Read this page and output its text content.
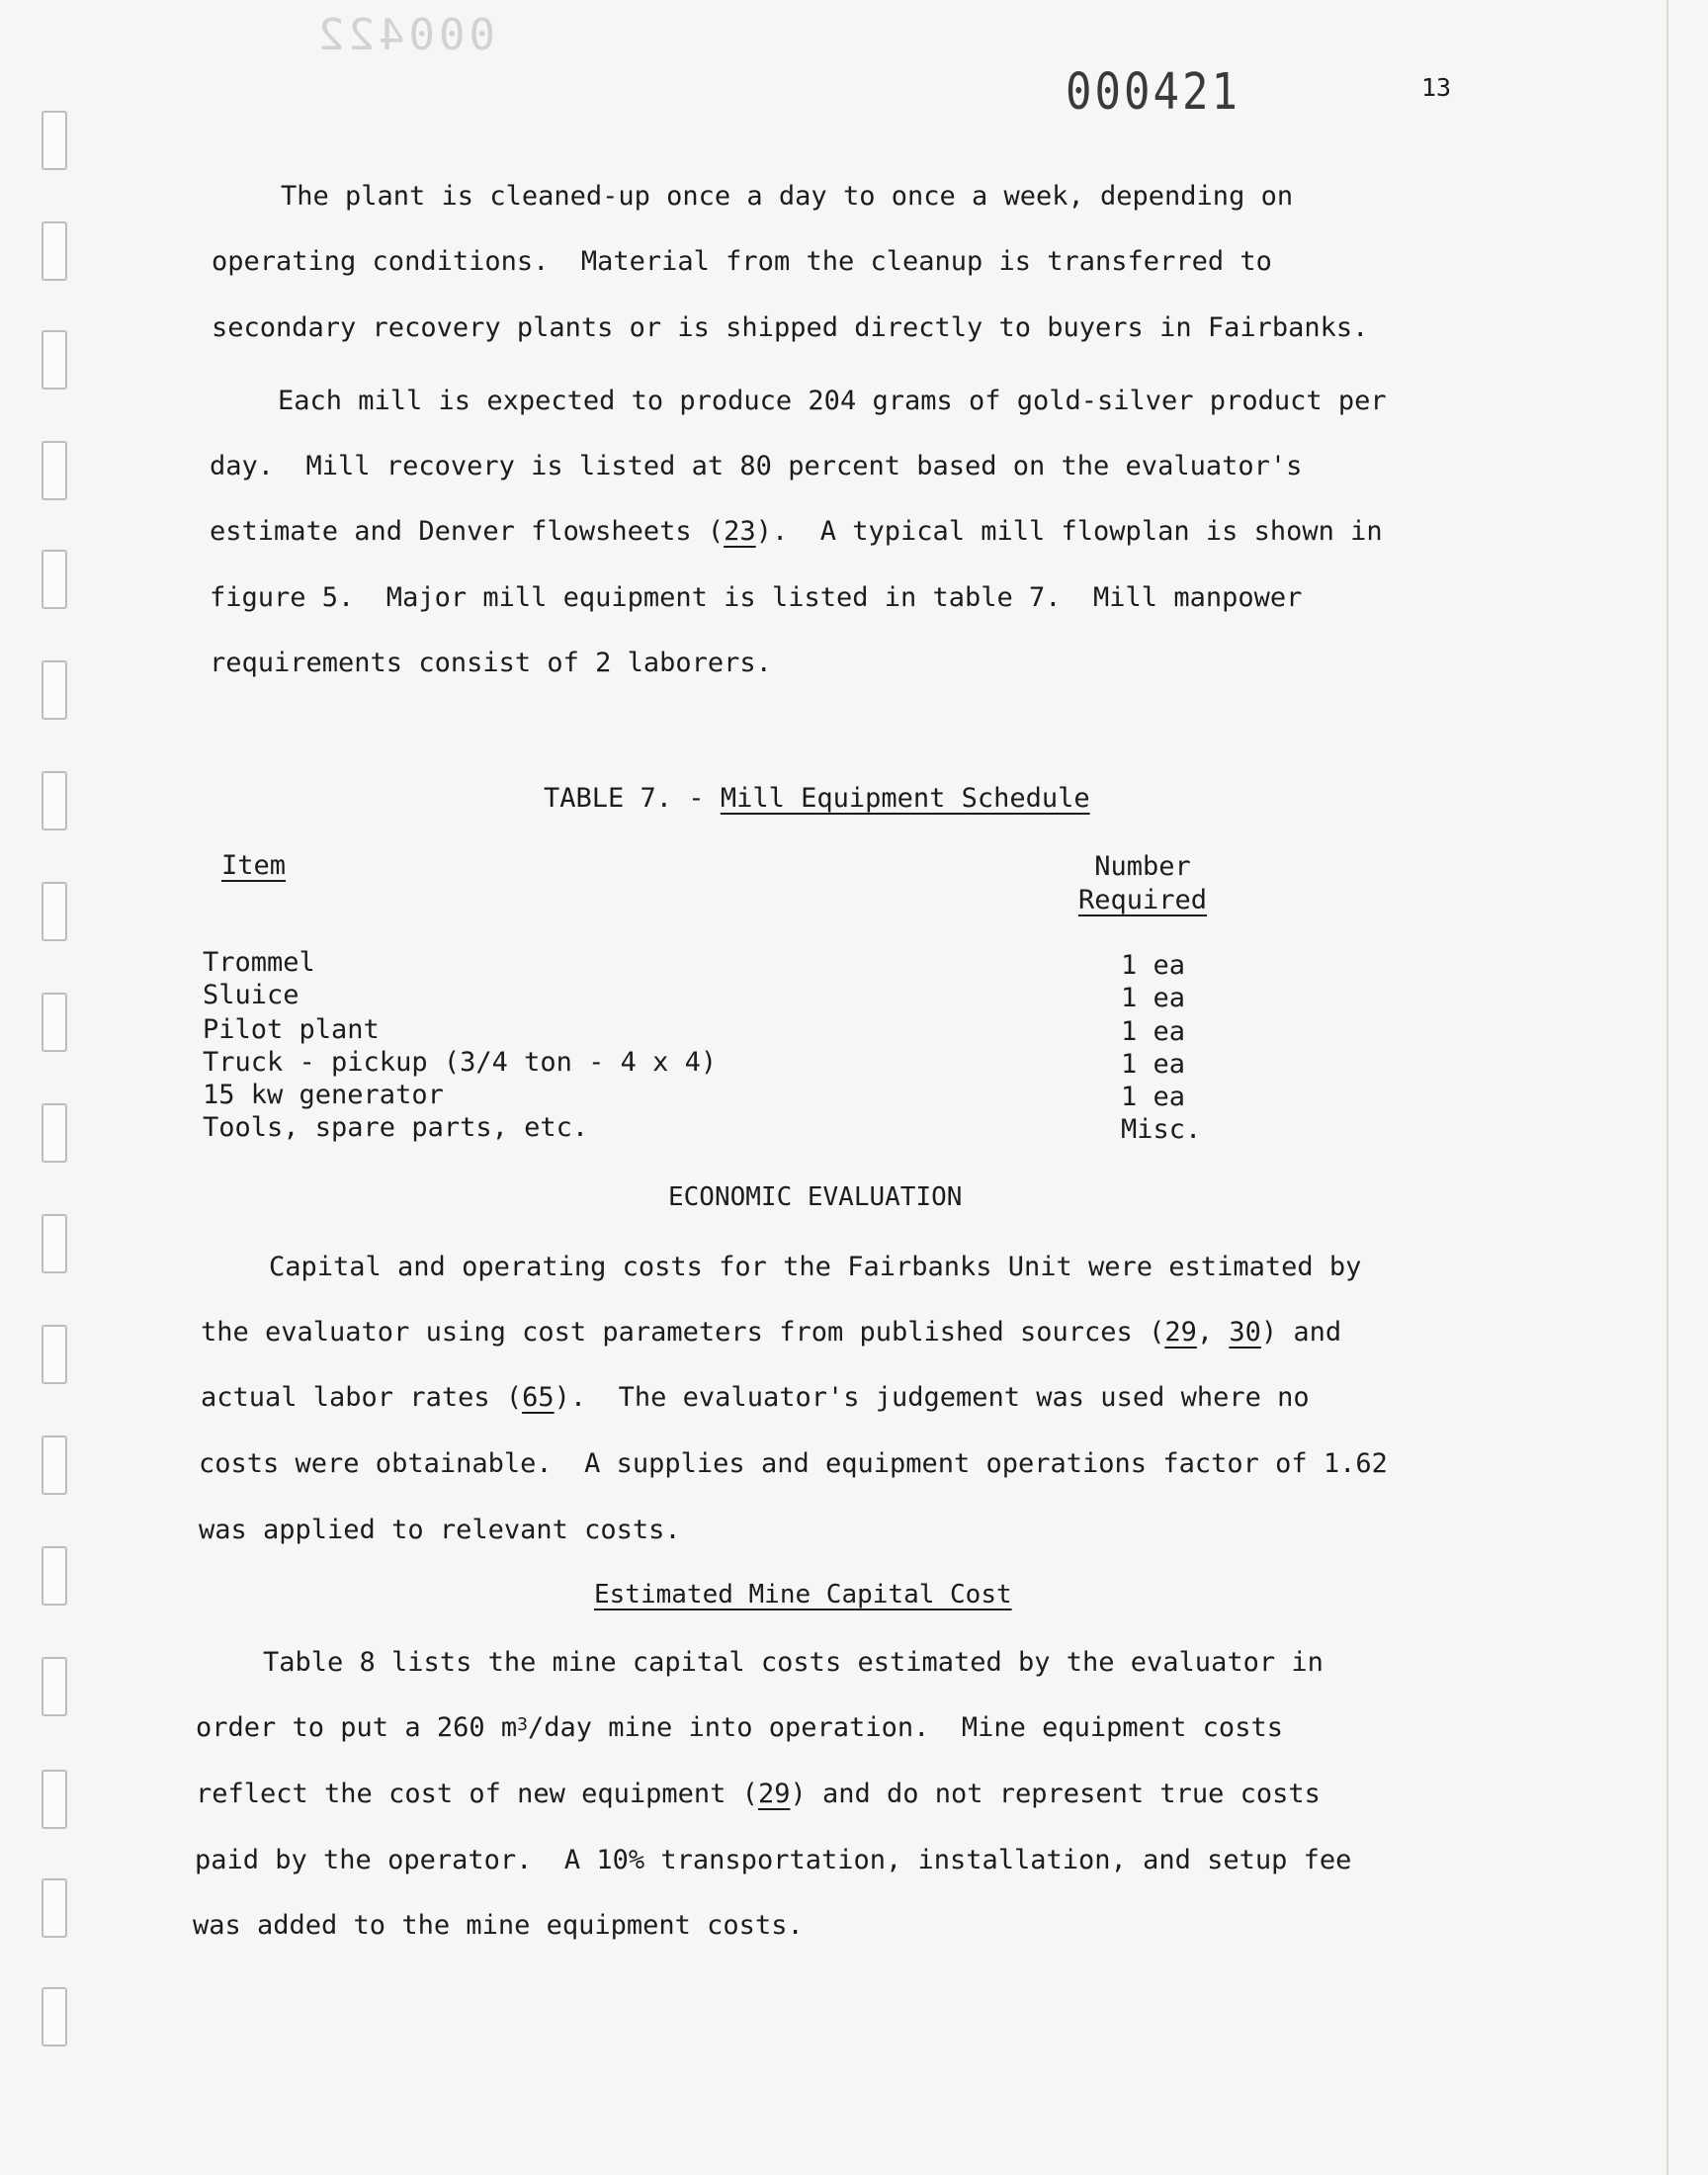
000422
000421	13
The plant is cleaned-up once a day to once a week, depending on
operating conditions.  Material from the cleanup is transferred to
secondary recovery plants or is shipped directly to buyers in Fairbanks.
Each mill is expected to produce 204 grams of gold-silver product per
day.  Mill recovery is listed at 80 percent based on the evaluator's
estimate and Denver flowsheets (23).  A typical mill flowplan is shown in
figure 5.  Major mill equipment is listed in table 7.  Mill manpower
requirements consist of 2 laborers.
TABLE 7. - Mill Equipment Schedule
Item	Number
Required
Trommel	1 ea
Sluice	1 ea
Pilot plant	1 ea
Truck - pickup (3/4 ton - 4 x 4)	1 ea
15 kw generator	1 ea
Tools, spare parts, etc.	Misc.
ECONOMIC EVALUATION
Capital and operating costs for the Fairbanks Unit were estimated by
the evaluator using cost parameters from published sources (29, 30) and
actual labor rates (65).  The evaluator's judgement was used where no
costs were obtainable.  A supplies and equipment operations factor of 1.62
was applied to relevant costs.
Estimated Mine Capital Cost
Table 8 lists the mine capital costs estimated by the evaluator in
order to put a 260 $m^3$/day mine into operation.  Mine equipment costs
reflect the cost of new equipment (29) and do not represent true costs
paid by the operator.  A 10% transportation, installation, and setup fee
was added to the mine equipment costs.
